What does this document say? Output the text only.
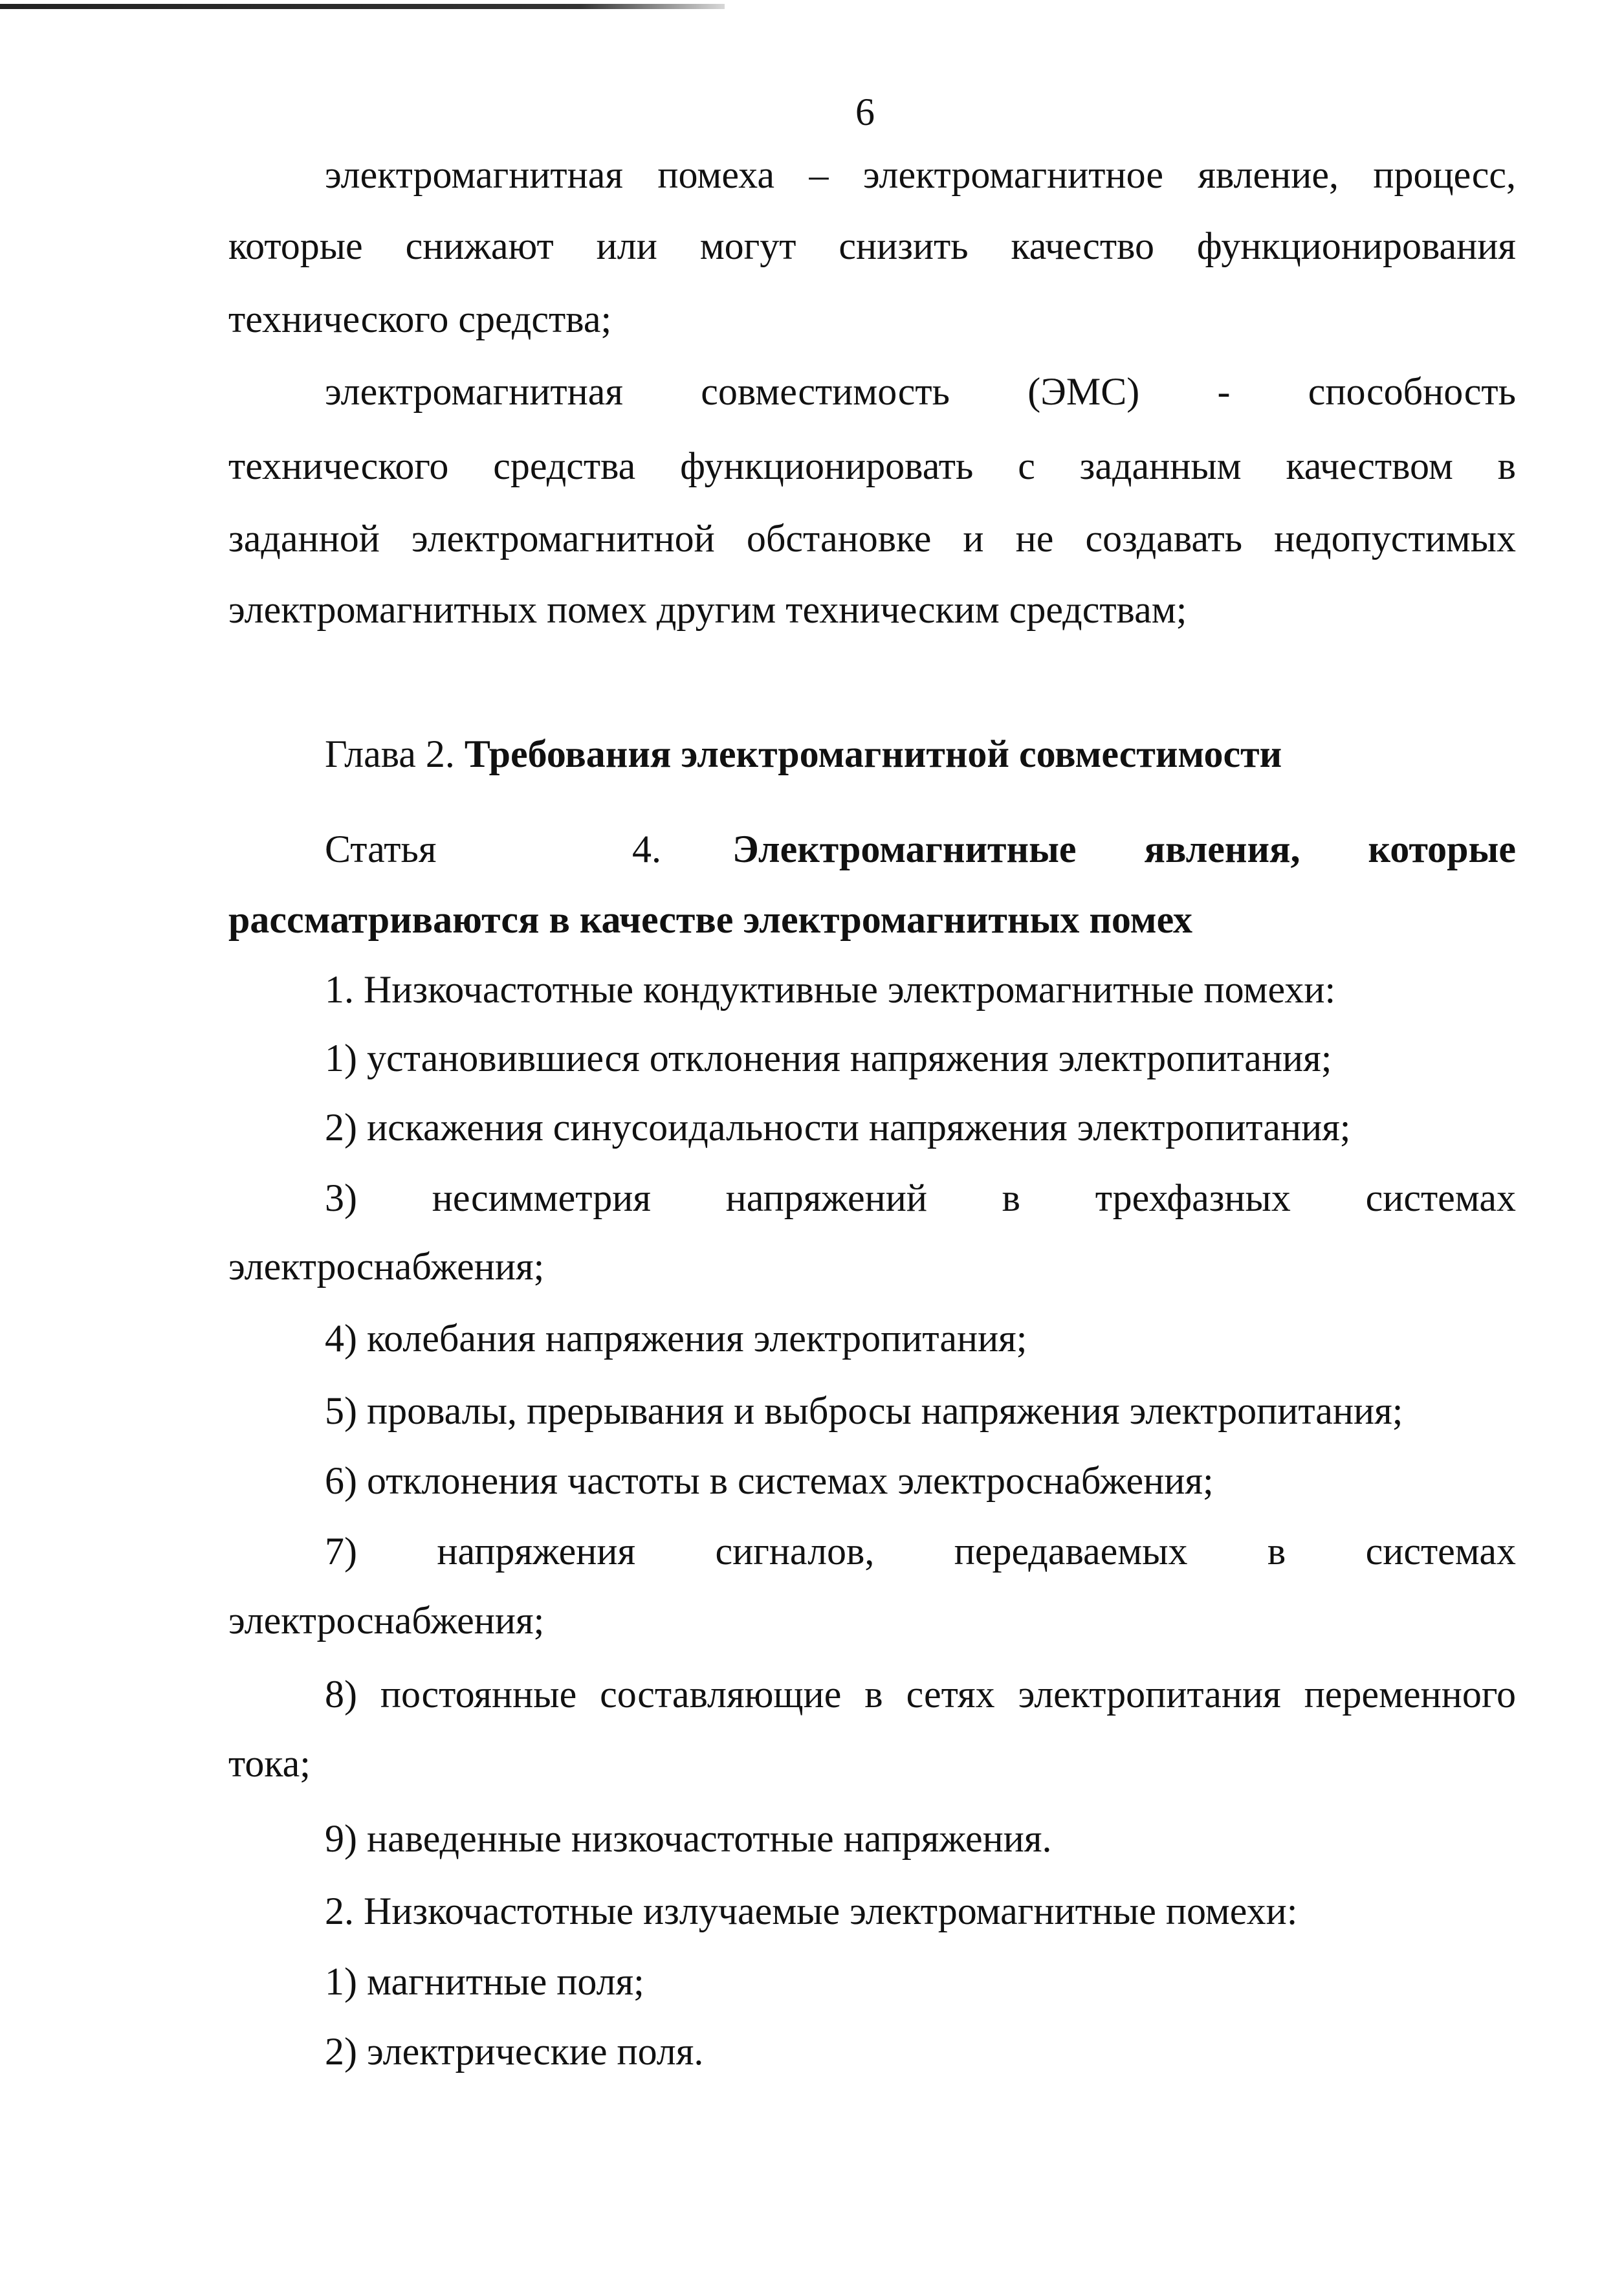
6
электромагнитная помеха – электромагнитное явление, процесс,
которые снижают или могут снизить качество функционирования
технического средства;
электромагнитная совместимость (ЭМС) - способность
технического средства функционировать с заданным качеством в
заданной электромагнитной обстановке и не создавать недопустимых
электромагнитных помех другим техническим средствам;
Глава 2. Требования электромагнитной совместимости
Статья 4. Электромагнитные явления, которые
рассматриваются в качестве электромагнитных помех
1. Низкочастотные кондуктивные электромагнитные помехи:
1) установившиеся отклонения напряжения электропитания;
2) искажения синусоидальности напряжения электропитания;
3) несимметрия напряжений в трехфазных системах
электроснабжения;
4) колебания напряжения электропитания;
5) провалы, прерывания и выбросы напряжения электропитания;
6) отклонения частоты в системах электроснабжения;
7) напряжения сигналов, передаваемых в системах
электроснабжения;
8) постоянные составляющие в сетях электропитания переменного
тока;
9) наведенные низкочастотные напряжения.
2. Низкочастотные излучаемые электромагнитные помехи:
1) магнитные поля;
2) электрические поля.
